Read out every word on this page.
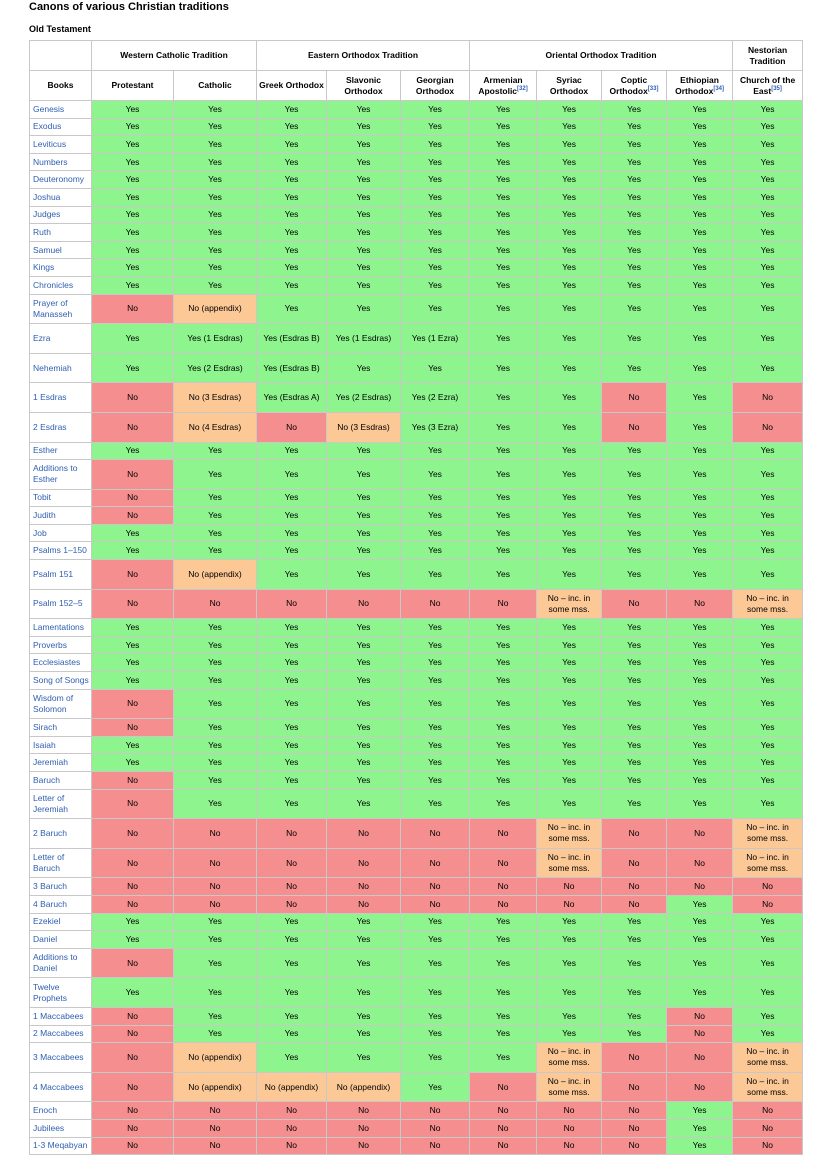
Canons of various Christian traditions
Old Testament
	Western Catholic Tradition		Eastern Orthodox Tradition			Oriental Orthodox Tradition				Nestorian Tradition
Books	Protestant	Catholic	Greek Orthodox	Slavonic Orthodox	Georgian Orthodox	Armenian Apostolic[32]	Syriac Orthodox	Coptic Orthodox[33]	Ethiopian Orthodox[34]	Church of the East[35]
Genesis	Yes	Yes	Yes	Yes	Yes	Yes	Yes	Yes	Yes	Yes
Exodus	Yes	Yes	Yes	Yes	Yes	Yes	Yes	Yes	Yes	Yes
Leviticus	Yes	Yes	Yes	Yes	Yes	Yes	Yes	Yes	Yes	Yes
Numbers	Yes	Yes	Yes	Yes	Yes	Yes	Yes	Yes	Yes	Yes
Deuteronomy	Yes	Yes	Yes	Yes	Yes	Yes	Yes	Yes	Yes	Yes
Joshua	Yes	Yes	Yes	Yes	Yes	Yes	Yes	Yes	Yes	Yes
Judges	Yes	Yes	Yes	Yes	Yes	Yes	Yes	Yes	Yes	Yes
Ruth	Yes	Yes	Yes	Yes	Yes	Yes	Yes	Yes	Yes	Yes
Samuel	Yes	Yes	Yes	Yes	Yes	Yes	Yes	Yes	Yes	Yes
Kings	Yes	Yes	Yes	Yes	Yes	Yes	Yes	Yes	Yes	Yes
Chronicles	Yes	Yes	Yes	Yes	Yes	Yes	Yes	Yes	Yes	Yes
Prayer of Manasseh	No	No (appendix)	Yes	Yes	Yes	Yes	Yes	Yes	Yes	Yes
Ezra	Yes	Yes (1 Esdras)	Yes (Esdras B)	Yes (1 Esdras)	Yes (1 Ezra)	Yes	Yes	Yes	Yes	Yes
Nehemiah	Yes	Yes (2 Esdras)	Yes (Esdras B)	Yes	Yes	Yes	Yes	Yes	Yes	Yes
1 Esdras	No	No (3 Esdras)	Yes (Esdras A)	Yes (2 Esdras)	Yes (2 Ezra)	Yes	Yes	No	Yes	No
2 Esdras	No	No (4 Esdras)	No	No (3 Esdras)	Yes (3 Ezra)	Yes	Yes	No	Yes	No
Esther	Yes	Yes	Yes	Yes	Yes	Yes	Yes	Yes	Yes	Yes
Additions to Esther	No	Yes	Yes	Yes	Yes	Yes	Yes	Yes	Yes	Yes
Tobit	No	Yes	Yes	Yes	Yes	Yes	Yes	Yes	Yes	Yes
Judith	No	Yes	Yes	Yes	Yes	Yes	Yes	Yes	Yes	Yes
Job	Yes	Yes	Yes	Yes	Yes	Yes	Yes	Yes	Yes	Yes
Psalms 1–150	Yes	Yes	Yes	Yes	Yes	Yes	Yes	Yes	Yes	Yes
Psalm 151	No	No (appendix)	Yes	Yes	Yes	Yes	Yes	Yes	Yes	Yes
Psalm 152–5	No	No	No	No	No	No	No – inc. in some mss.	No	No	No – inc. in some mss.
Lamentations	Yes	Yes	Yes	Yes	Yes	Yes	Yes	Yes	Yes	Yes
Proverbs	Yes	Yes	Yes	Yes	Yes	Yes	Yes	Yes	Yes	Yes
Ecclesiastes	Yes	Yes	Yes	Yes	Yes	Yes	Yes	Yes	Yes	Yes
Song of Songs	Yes	Yes	Yes	Yes	Yes	Yes	Yes	Yes	Yes	Yes
Wisdom of Solomon	No	Yes	Yes	Yes	Yes	Yes	Yes	Yes	Yes	Yes
Sirach	No	Yes	Yes	Yes	Yes	Yes	Yes	Yes	Yes	Yes
Isaiah	Yes	Yes	Yes	Yes	Yes	Yes	Yes	Yes	Yes	Yes
Jeremiah	Yes	Yes	Yes	Yes	Yes	Yes	Yes	Yes	Yes	Yes
Baruch	No	Yes	Yes	Yes	Yes	Yes	Yes	Yes	Yes	Yes
Letter of Jeremiah	No	Yes	Yes	Yes	Yes	Yes	Yes	Yes	Yes	Yes
2 Baruch	No	No	No	No	No	No	No – inc. in some mss.	No	No	No – inc. in some mss.
Letter of Baruch	No	No	No	No	No	No	No – inc. in some mss.	No	No	No – inc. in some mss.
3 Baruch	No	No	No	No	No	No	No	No	No	No
4 Baruch	No	No	No	No	No	No	No	No	Yes	No
Ezekiel	Yes	Yes	Yes	Yes	Yes	Yes	Yes	Yes	Yes	Yes
Daniel	Yes	Yes	Yes	Yes	Yes	Yes	Yes	Yes	Yes	Yes
Additions to Daniel	No	Yes	Yes	Yes	Yes	Yes	Yes	Yes	Yes	Yes
Twelve Prophets	Yes	Yes	Yes	Yes	Yes	Yes	Yes	Yes	Yes	Yes
1 Maccabees	No	Yes	Yes	Yes	Yes	Yes	Yes	Yes	No	Yes
2 Maccabees	No	Yes	Yes	Yes	Yes	Yes	Yes	Yes	No	Yes
3 Maccabees	No	No (appendix)	Yes	Yes	Yes	Yes	No – inc. in some mss.	No	No	No – inc. in some mss.
4 Maccabees	No	No (appendix)	No (appendix)	No (appendix)	Yes	No	No – inc. in some mss.	No	No	No – inc. in some mss.
Enoch	No	No	No	No	No	No	No	No	Yes	No
Jubilees	No	No	No	No	No	No	No	No	Yes	No
1-3 Meqabyan	No	No	No	No	No	No	No	No	Yes	No
